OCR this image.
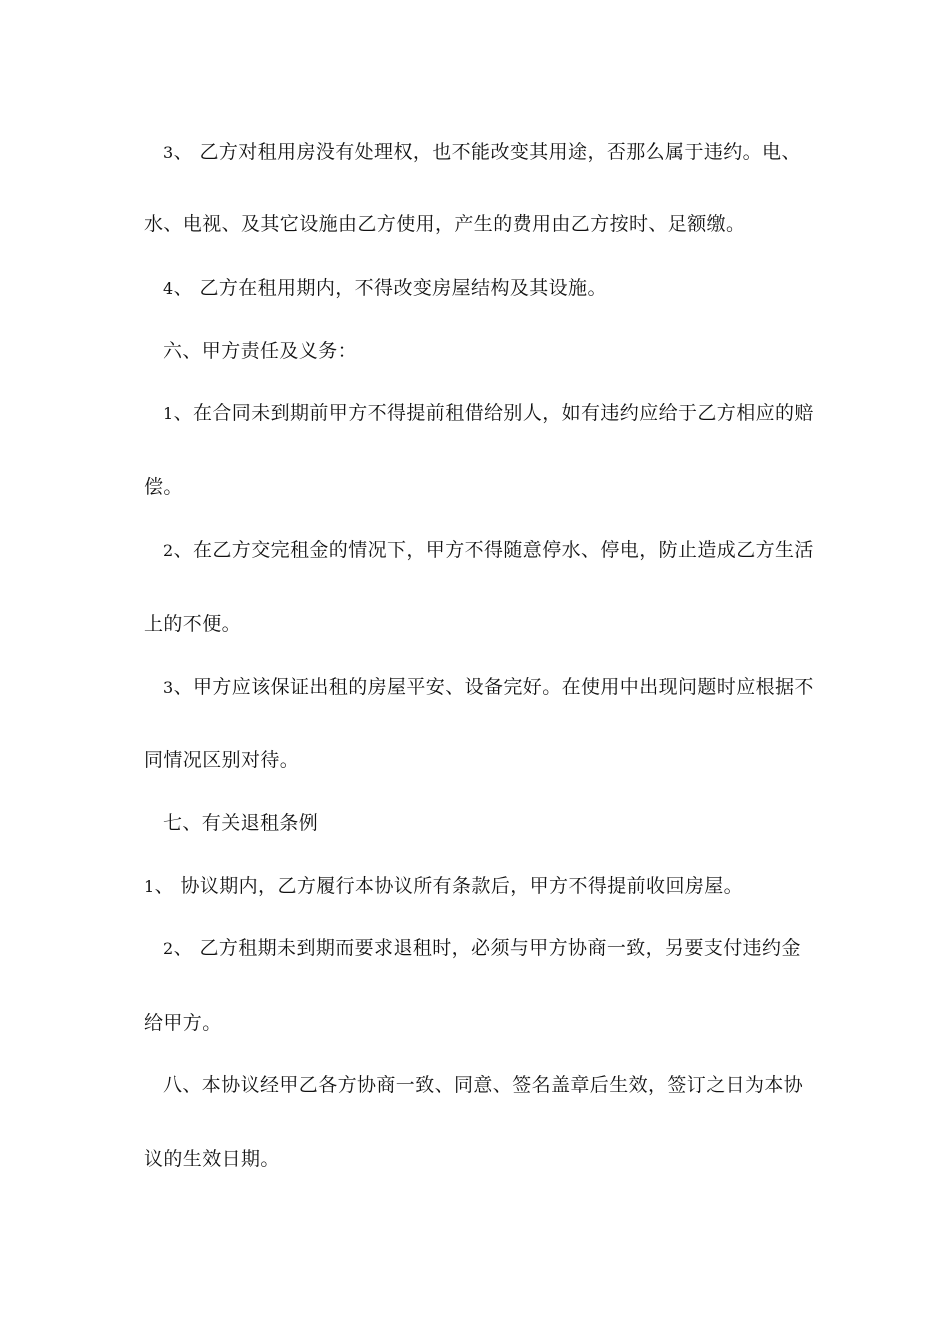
3、 乙方对租用房没有处理权，也不能改变其用途，否那么属于违约。电、
水、电视、及其它设施由乙方使用，产生的费用由乙方按时、足额缴。
4、 乙方在租用期内，不得改变房屋结构及其设施。
六、甲方责任及义务：
1、在合同未到期前甲方不得提前租借给别人，如有违约应给于乙方相应的赔
偿。
2、在乙方交完租金的情况下，甲方不得随意停水、停电，防止造成乙方生活
上的不便。
3、甲方应该保证出租的房屋平安、设备完好。在使用中出现问题时应根据不
同情况区别对待。
七、有关退租条例
1、 协议期内，乙方履行本协议所有条款后，甲方不得提前收回房屋。
2、 乙方租期未到期而要求退租时，必须与甲方协商一致，另要支付违约金
给甲方。
八、本协议经甲乙各方协商一致、同意、签名盖章后生效，签订之日为本协
议的生效日期。
